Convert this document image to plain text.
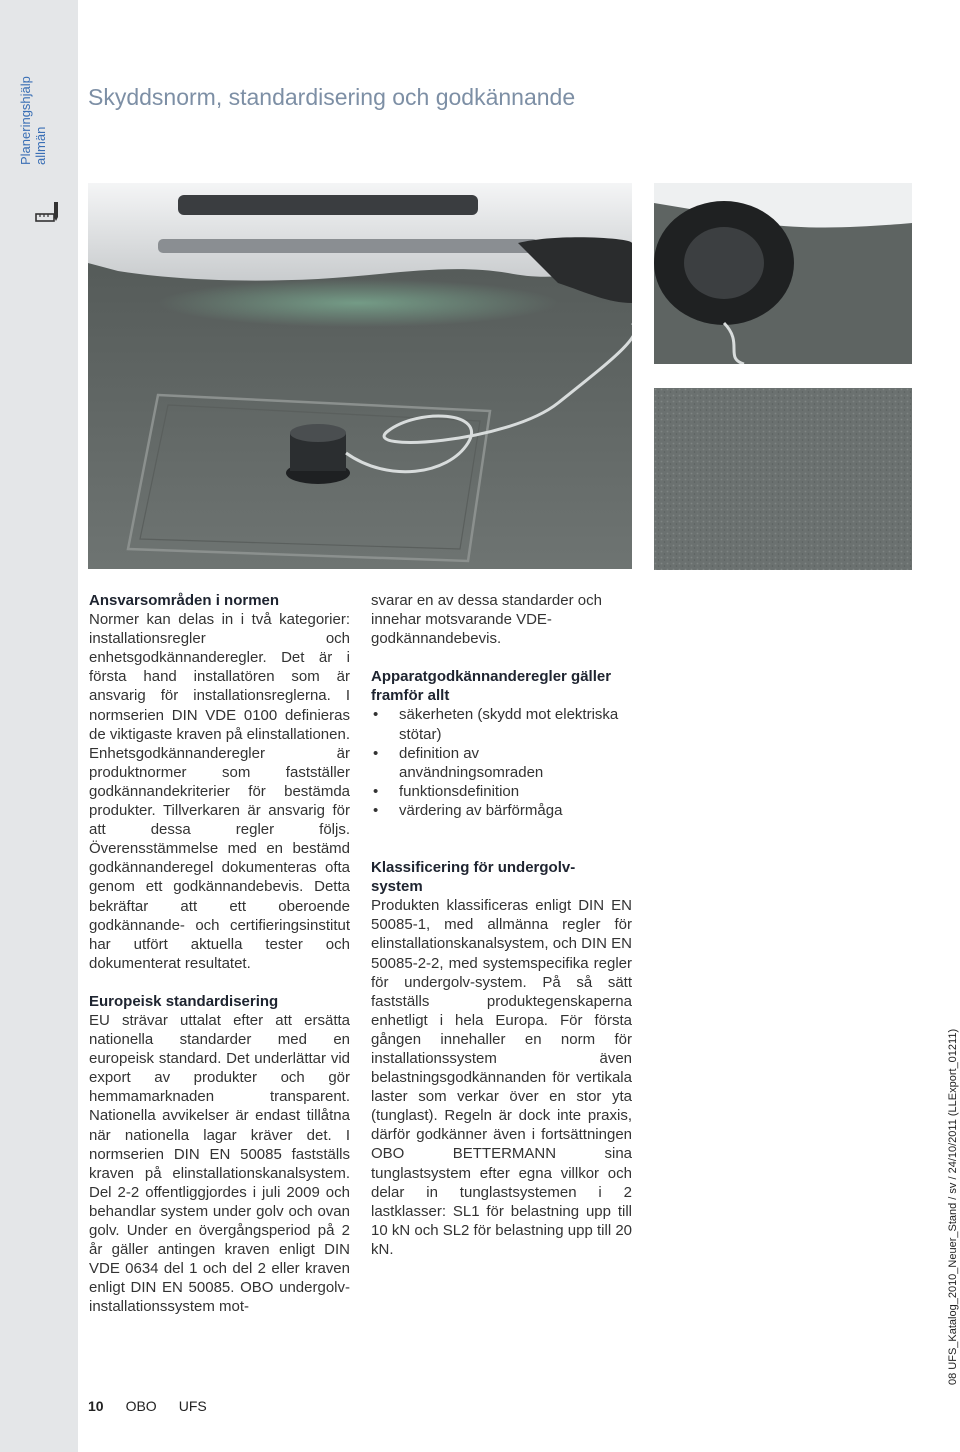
Planeringshjälp allmän
Skyddsnorm, standardisering och godkännande
Ansvarsområden i normen

Normer kan delas in i två kategorier: installationsregler och enhetsgodkännanderegler. Det är i första hand installatören som är ansvarig för installationsreglerna. I normserien DIN VDE 0100 definieras de viktigaste kraven på elinstallationen. Enhetsgodkännanderegler är produktnormer som fastställer godkännandekriterier för bestämda produkter. Tillverkaren är ansvarig för att dessa regler följs. Överensstämmelse med en bestämd godkännanderegel dokumenteras ofta genom ett godkännandebevis. Detta bekräftar att ett oberoende godkännande- och certifieringsinstitut har utfört aktuella tester och dokumenterat resultatet.

Europeisk standardisering

EU strävar uttalat efter att ersätta nationella standarder med en europeisk standard. Det underlättar vid export av produkter och gör hemmamarknaden transparent. Nationella avvikelser är endast tillåtna när nationella lagar kräver det. I normserien DIN EN 50085 fastställs kraven på elinstallationskanalsystem. Del 2-2 offentliggjordes i juli 2009 och behandlar system under golv och ovan golv. Under en övergångsperiod på 2 år gäller antingen kraven enligt DIN VDE 0634 del 1 och del 2 eller kraven enligt DIN EN 50085. OBO undergolv-installationssystem mot-

svarar en av dessa standarder och innehar motsvarande VDE-godkännandebevis.

Apparatgodkännanderegler gäller framför allt
• säkerheten (skydd mot elektriska stötar)
• definition av användningsomraden
• funktionsdefinition
• värdering av bärförmåga
Klassificering för undergolv-system

Produkten klassificeras enligt DIN EN 50085-1, med allmänna regler för elinstallationskanalsystem, och DIN EN 50085-2-2, med systemspecifika regler för undergolv-system. På så sätt fastställs produktegenskaperna enhetligt i hela Europa. För första gången innehaller en norm för installationssystem även belastningsgodkännanden för vertikala laster som verkar över en stor yta (tunglast). Regeln är dock inte praxis, därför godkänner även i fortsättningen OBO BETTERMANN sina tunglastsystem efter egna villkor och delar in tunglastsystemen i 2 lastklasser: SL1 för belastning upp till 10 kN och SL2 för belastning upp till 20 kN.	08 UFS_Katalog_2010_Neuer_Stand / sv / 24/10/2011 (LLExport_01211)
10 OBO UFS
